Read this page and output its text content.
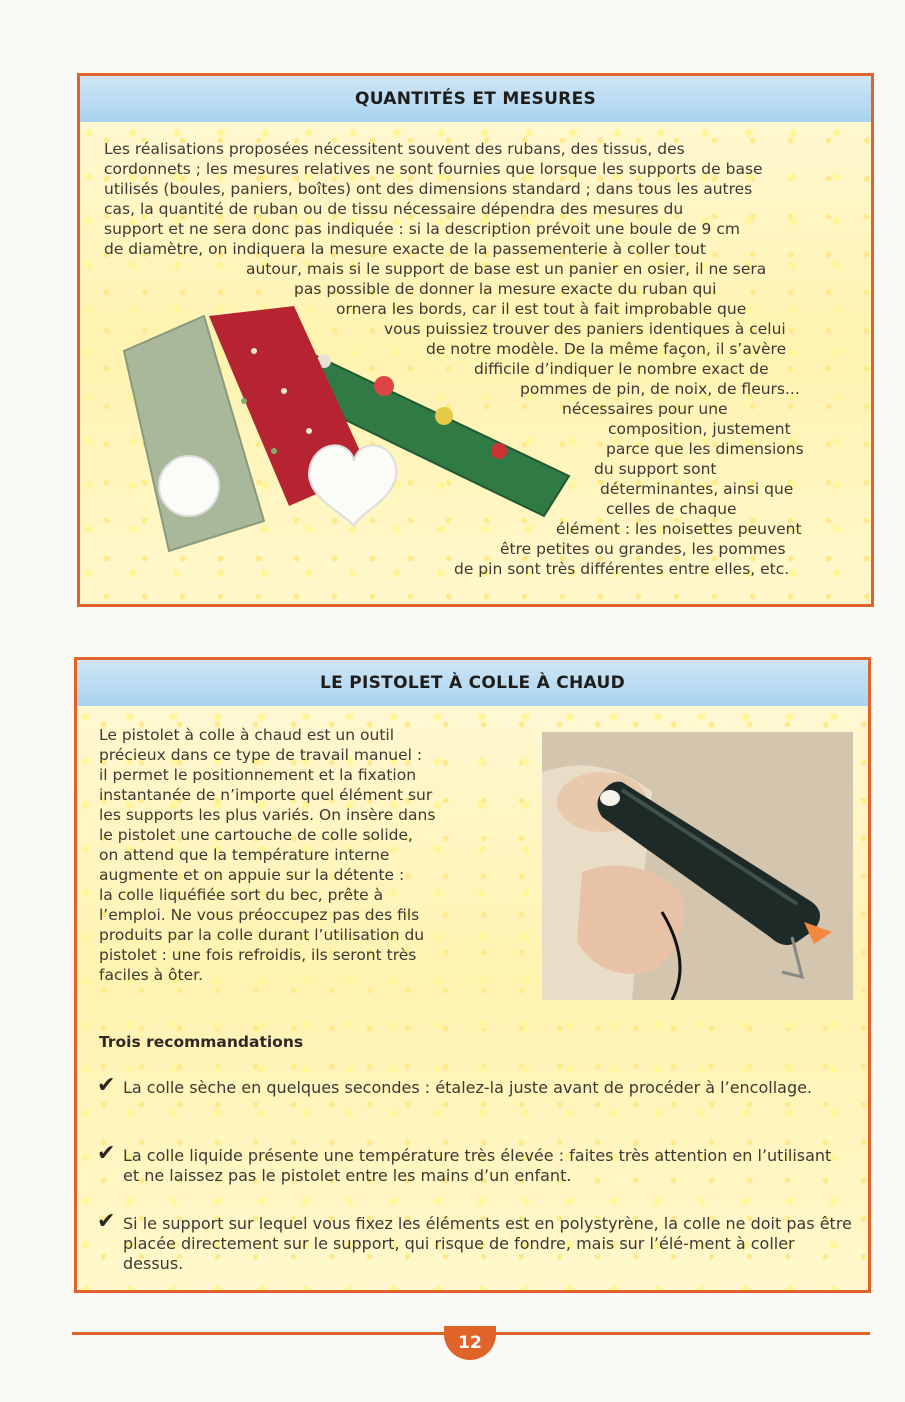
QUANTITÉS ET MESURES
Les réalisations proposées nécessitent souvent des rubans, des tissus, des
cordonnets ; les mesures relatives ne sont fournies que lorsque les supports de base
utilisés (boules, paniers, boîtes) ont des dimensions standard ; dans tous les autres
cas, la quantité de ruban ou de tissu nécessaire dépendra des mesures du
support et ne sera donc pas indiquée : si la description prévoit une boule de 9 cm
de diamètre, on indiquera la mesure exacte de la passementerie à coller tout
autour, mais si le support de base est un panier en osier, il ne sera
pas possible de donner la mesure exacte du ruban qui
ornera les bords, car il est tout à fait improbable que
vous puissiez trouver des paniers identiques à celui
de notre modèle. De la même façon, il s’avère
difficile d’indiquer le nombre exact de
pommes de pin, de noix, de fleurs...
nécessaires pour une
composition, justement
parce que les dimensions
du support sont
déterminantes, ainsi que
celles de chaque
élément : les noisettes peuvent
être petites ou grandes, les pommes
de pin sont très différentes entre elles, etc.
LE PISTOLET À COLLE À CHAUD
Le pistolet à colle à chaud est un outil
précieux dans ce type de travail manuel :
il permet le positionnement et la fixation
instantanée de n’importe quel élément sur
les supports les plus variés. On insère dans
le pistolet une cartouche de colle solide,
on attend que la température interne
augmente et on appuie sur la détente :
la colle liquéfiée sort du bec, prête à
l’emploi. Ne vous préoccupez pas des fils
produits par la colle durant l’utilisation du
pistolet : une fois refroidis, ils seront très
faciles à ôter.
Trois recommandations
✔ La colle sèche en quelques secondes : étalez-la juste avant de procéder à l’encollage.
✔ La colle liquide présente une température très élevée : faites très attention en l’utilisant et ne laissez pas le pistolet entre les mains d’un enfant.
✔ Si le support sur lequel vous fixez les éléments est en polystyrène, la colle ne doit pas être placée directement sur le support, qui risque de fondre, mais sur l’élé-ment à coller dessus.
12
